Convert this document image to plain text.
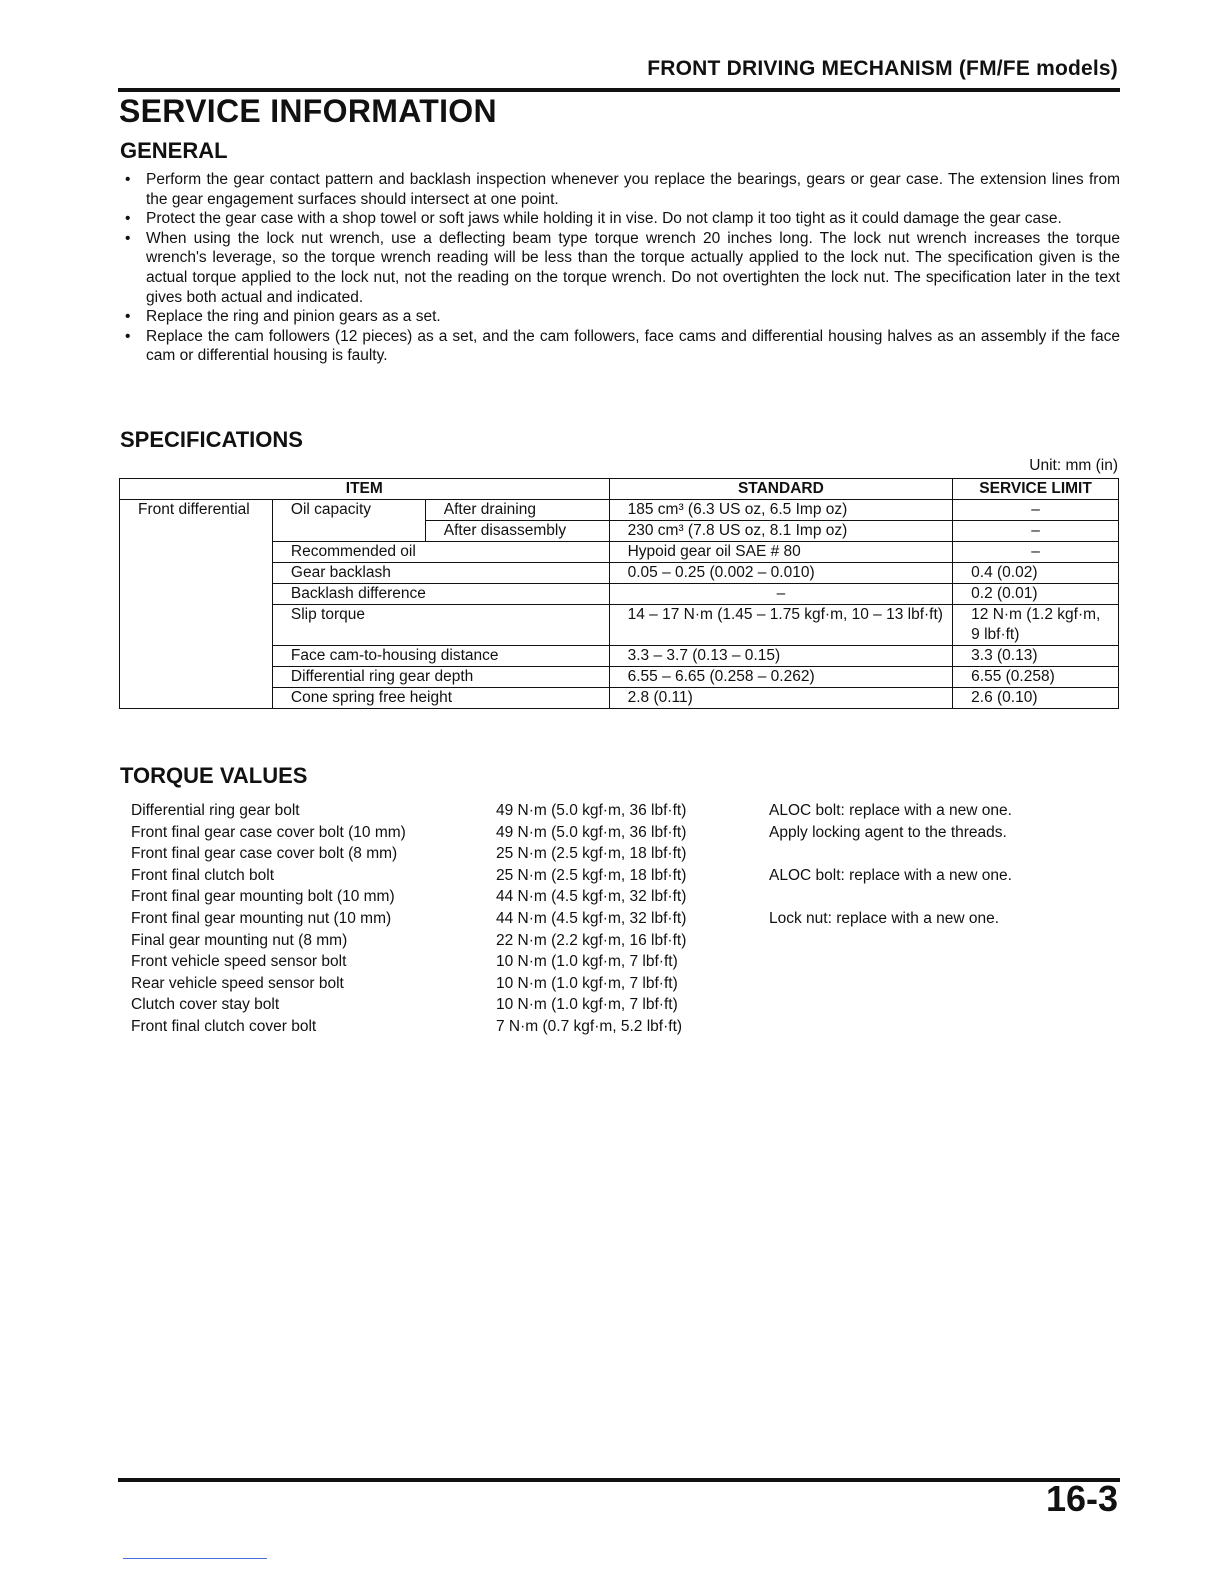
FRONT DRIVING MECHANISM (FM/FE models)
SERVICE INFORMATION
GENERAL
•	Perform the gear contact pattern and backlash inspection whenever you replace the bearings, gears or gear case. The extension lines from the gear engagement surfaces should intersect at one point.
•	Protect the gear case with a shop towel or soft jaws while holding it in vise. Do not clamp it too tight as it could damage the gear case.
•	When using the lock nut wrench, use a deflecting beam type torque wrench 20 inches long. The lock nut wrench increases the torque wrench's leverage, so the torque wrench reading will be less than the torque actually applied to the lock nut. The specification given is the actual torque applied to the lock nut, not the reading on the torque wrench. Do not overtighten the lock nut. The specification later in the text gives both actual and indicated.
•	Replace the ring and pinion gears as a set.
•	Replace the cam followers (12 pieces) as a set, and the cam followers, face cams and differential housing halves as an assembly if the face cam or differential housing is faulty.
SPECIFICATIONS
Unit: mm (in)
ITEM			STANDARD	SERVICE LIMIT
Front differential	Oil capacity	After draining	185 cm³ (6.3 US oz, 6.5 Imp oz)	–
		After disassembly	230 cm³ (7.8 US oz, 8.1 Imp oz)	–
	Recommended oil		Hypoid gear oil SAE # 80	–
	Gear backlash		0.05 – 0.25 (0.002 – 0.010)	0.4 (0.02)
	Backlash difference		–	0.2 (0.01)
	Slip torque		14 – 17 N·m (1.45 – 1.75 kgf·m, 10 – 13 lbf·ft)	12 N·m (1.2 kgf·m, 9 lbf·ft)
	Face cam-to-housing distance		3.3 – 3.7 (0.13 – 0.15)	3.3 (0.13)
	Differential ring gear depth		6.55 – 6.65 (0.258 – 0.262)	6.55 (0.258)
	Cone spring free height		2.8 (0.11)	2.6 (0.10)
TORQUE VALUES
Differential ring gear bolt	49 N·m (5.0 kgf·m, 36 lbf·ft)	ALOC bolt: replace with a new one.
Front final gear case cover bolt (10 mm)	49 N·m (5.0 kgf·m, 36 lbf·ft)	Apply locking agent to the threads.
Front final gear case cover bolt (8 mm)	25 N·m (2.5 kgf·m, 18 lbf·ft)
Front final clutch bolt	25 N·m (2.5 kgf·m, 18 lbf·ft)	ALOC bolt: replace with a new one.
Front final gear mounting bolt (10 mm)	44 N·m (4.5 kgf·m, 32 lbf·ft)
Front final gear mounting nut (10 mm)	44 N·m (4.5 kgf·m, 32 lbf·ft)	Lock nut: replace with a new one.
Final gear mounting nut (8 mm)	22 N·m (2.2 kgf·m, 16 lbf·ft)
Front vehicle speed sensor bolt	10 N·m (1.0 kgf·m, 7 lbf·ft)
Rear vehicle speed sensor bolt	10 N·m (1.0 kgf·m, 7 lbf·ft)
Clutch cover stay bolt	10 N·m (1.0 kgf·m, 7 lbf·ft)
Front final clutch cover bolt	7 N·m (0.7 kgf·m, 5.2 lbf·ft)
16-3
